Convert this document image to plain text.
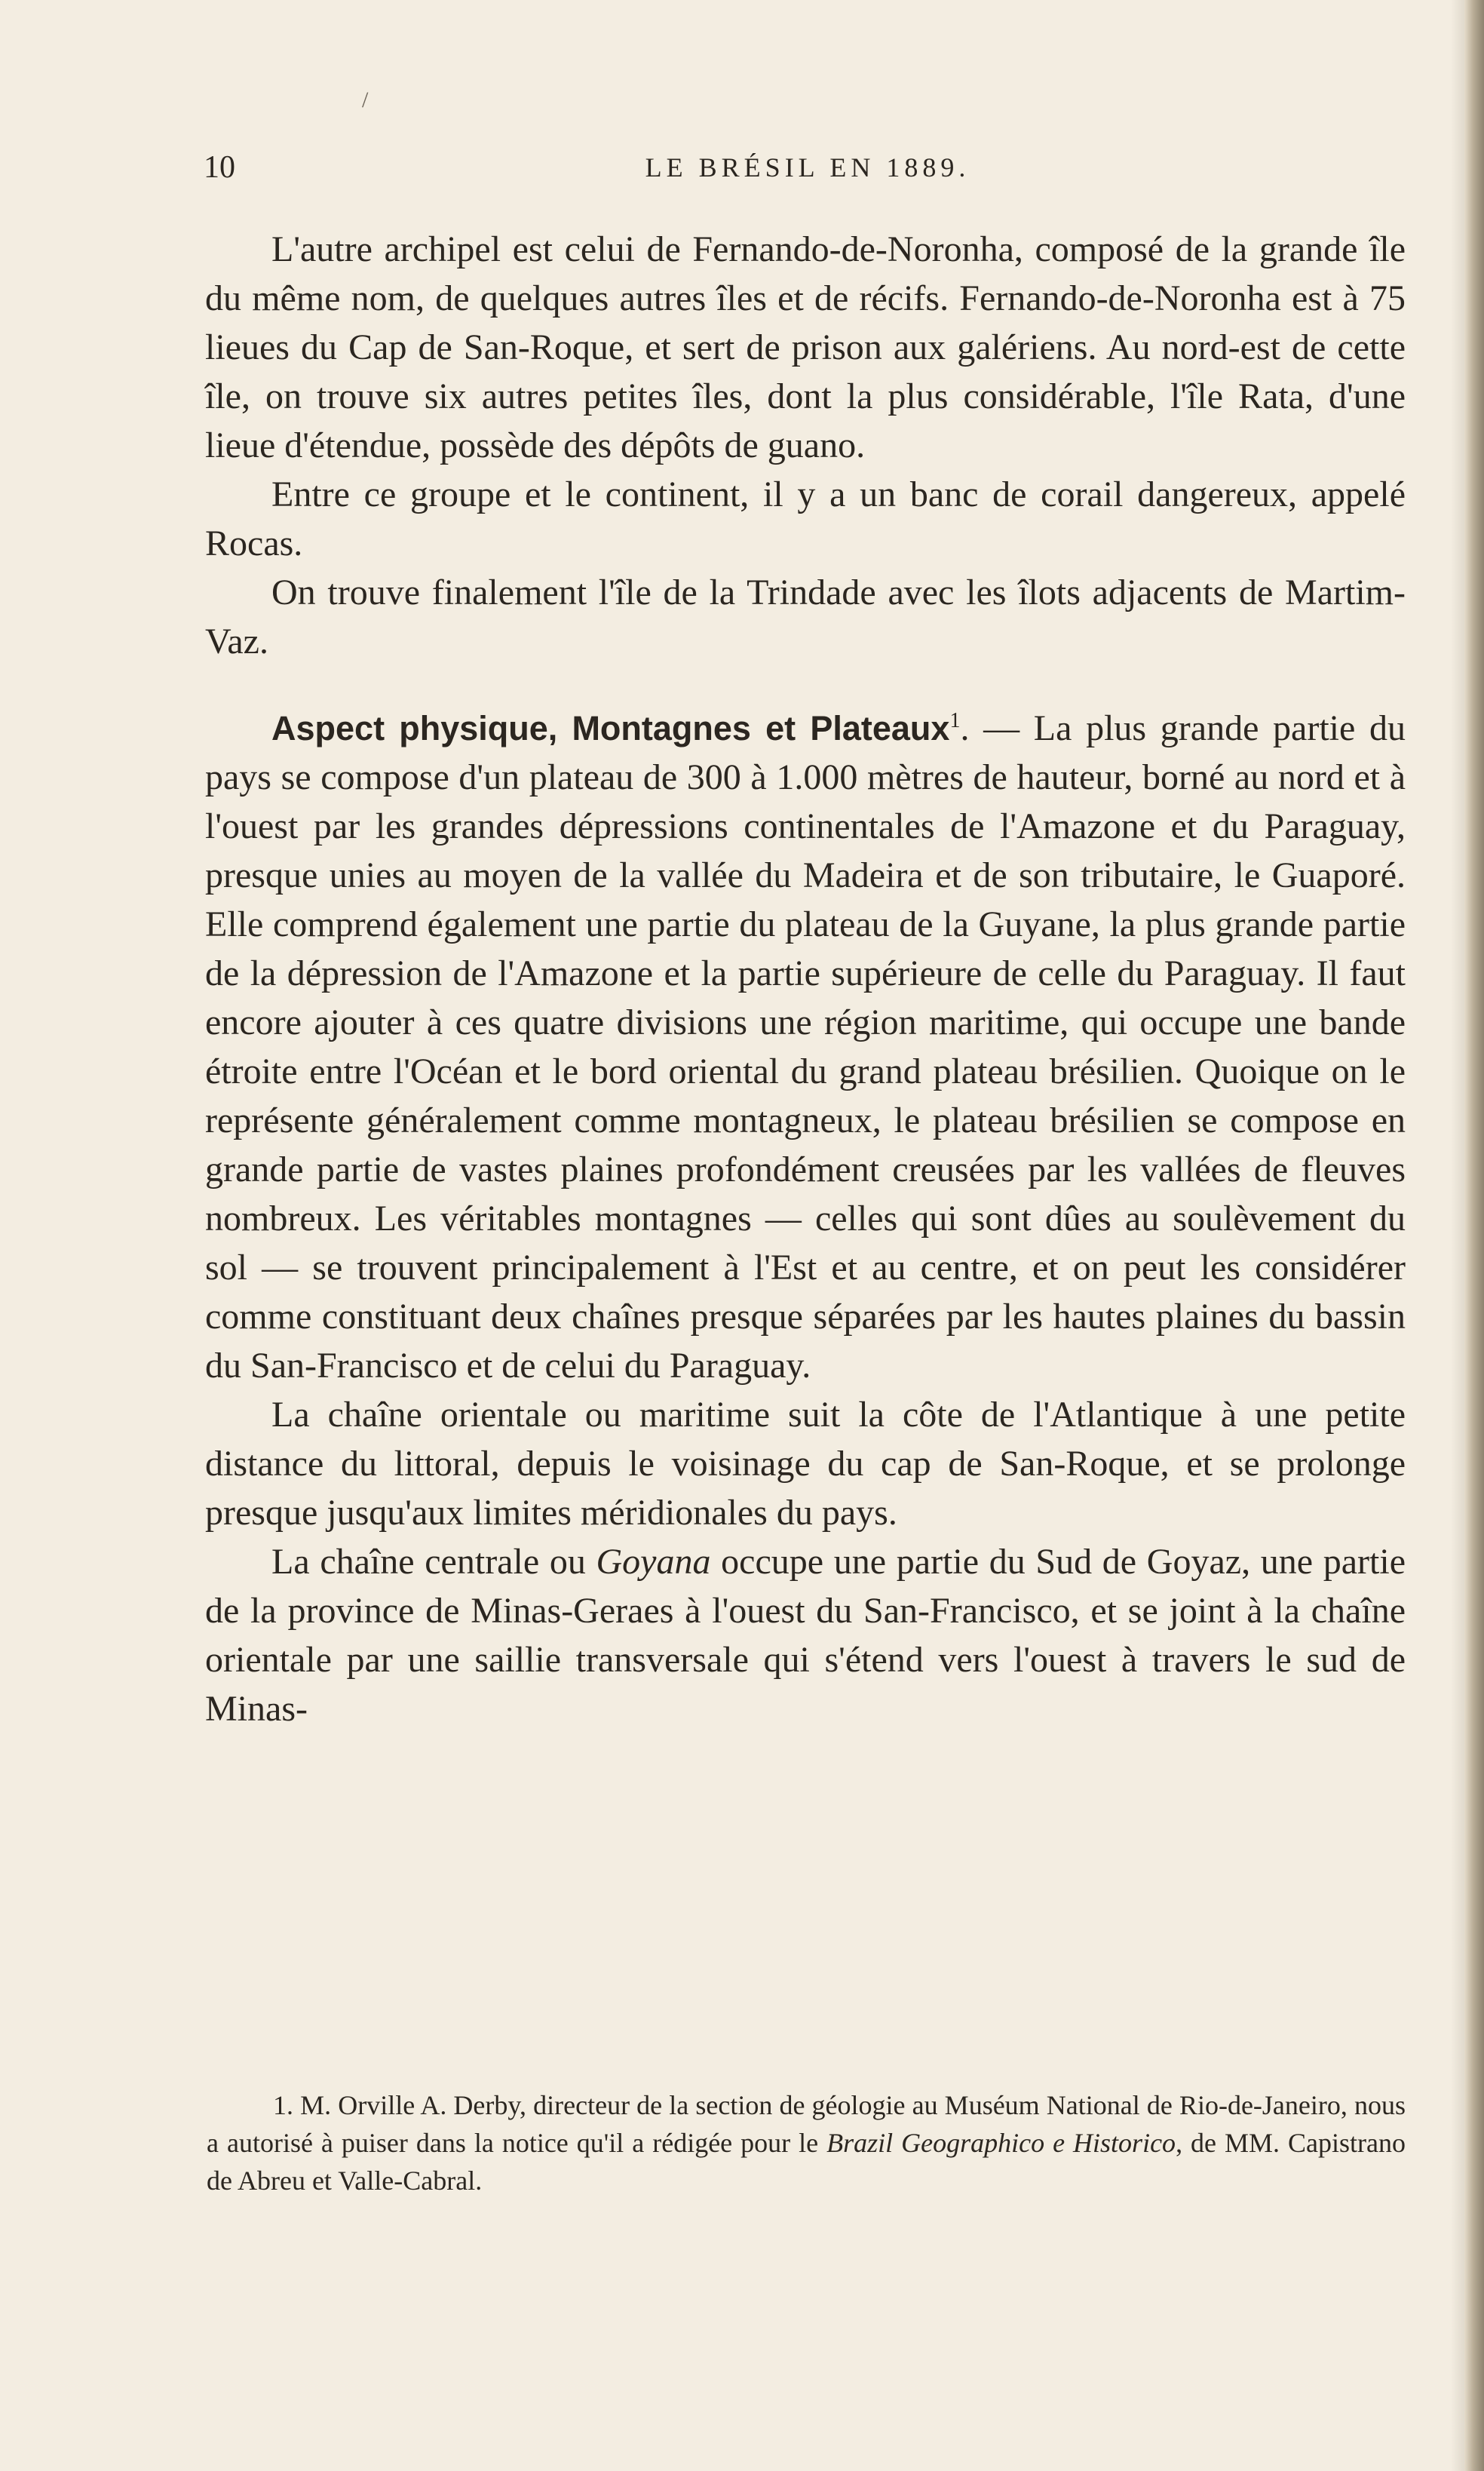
/
10	LE BRÉSIL EN 1889.

L'autre archipel est celui de Fernando-de-Noronha, composé de la grande île du même nom, de quelques autres îles et de récifs. Fernando-de-Noronha est à 75 lieues du Cap de San-Roque, et sert de prison aux galériens. Au nord-est de cette île, on trouve six autres petites îles, dont la plus considérable, l'île Rata, d'une lieue d'étendue, possède des dépôts de guano.

Entre ce groupe et le continent, il y a un banc de corail dangereux, appelé Rocas.

On trouve finalement l'île de la Trindade avec les îlots adjacents de Martim-Vaz.

Aspect physique, Montagnes et Plateaux$^1$. — La plus grande partie du pays se compose d'un plateau de 300 à 1.000 mètres de hauteur, borné au nord et à l'ouest par les grandes dépressions continentales de l'Amazone et du Paraguay, presque unies au moyen de la vallée du Madeira et de son tributaire, le Guaporé. Elle comprend également une partie du plateau de la Guyane, la plus grande partie de la dépression de l'Amazone et la partie supérieure de celle du Paraguay. Il faut encore ajouter à ces quatre divisions une région maritime, qui occupe une bande étroite entre l'Océan et le bord oriental du grand plateau brésilien. Quoique on le représente généralement comme montagneux, le plateau brésilien se compose en grande partie de vastes plaines profondément creusées par les vallées de fleuves nombreux. Les véritables montagnes — celles qui sont dûes au soulèvement du sol — se trouvent principalement à l'Est et au centre, et on peut les considérer comme constituant deux chaînes presque séparées par les hautes plaines du bassin du San-Francisco et de celui du Paraguay.

La chaîne orientale ou maritime suit la côte de l'Atlantique à une petite distance du littoral, depuis le voisinage du cap de San-Roque, et se prolonge presque jusqu'aux limites méridionales du pays.

La chaîne centrale ou Goyana occupe une partie du Sud de Goyaz, une partie de la province de Minas-Geraes à l'ouest du San-Francisco, et se joint à la chaîne orientale par une saillie transversale qui s'étend vers l'ouest à travers le sud de Minas-

1. M. Orville A. Derby, directeur de la section de géologie au Muséum National de Rio-de-Janeiro, nous a autorisé à puiser dans la notice qu'il a rédigée pour le Brazil Geographico e Historico, de MM. Capistrano de Abreu et Valle-Cabral.
